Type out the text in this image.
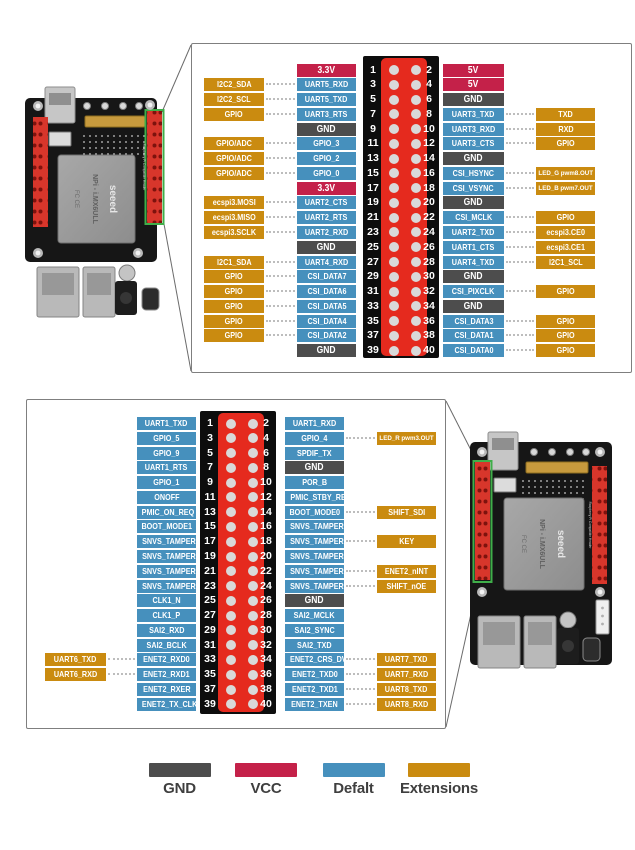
seeed
NPi - i.MX6ULL
FC CE
Raspberry Pi Compatible Header
seeed
NPi - i.MX6ULL
FC CE	Raspberry Pi Compatible Header
3.3V	1	2	5V
I2C2_SDA	UART5_RXD	3	4	5V
I2C2_SCL	UART5_TXD	5	6	GND
GPIO	UART3_RTS	7	8	UART3_TXD	TXD
GND	9	10	UART3_RXD	RXD
GPIO/ADC	GPIO_3	11	12	UART3_CTS	GPIO
GPIO/ADC	GPIO_2	13	14	GND
GPIO/ADC	GPIO_0	15	16	CSI_HSYNC	LED_G pwm8.OUT
3.3V	17	18	CSI_VSYNC	LED_B pwm7.OUT
ecspi3.MOSI	UART2_CTS	19	20	GND
ecspi3.MISO	UART2_RTS	21	22	CSI_MCLK	GPIO
ecspi3.SCLK	UART2_RXD	23	24	UART2_TXD	ecspi3.CE0
GND	25	26	UART1_CTS	ecspi3.CE1
I2C1_SDA	UART4_RXD	27	28	UART4_TXD	I2C1_SCL
GPIO	CSI_DATA7	29	30	GND
GPIO	CSI_DATA6	31	32	CSI_PIXCLK	GPIO
GPIO	CSI_DATA5	33	34	GND
GPIO	CSI_DATA4	35	36	CSI_DATA3	GPIO
GPIO	CSI_DATA2	37	38	CSI_DATA1	GPIO
GND	39	40	CSI_DATA0	GPIO
UART1_TXD	1	2	UART1_RXD
GPIO_5	3	4	GPIO_4	LED_R pwm3.OUT
GPIO_9	5	6	SPDIF_TX
UART1_RTS	7	8	GND
GPIO_1	9	10	POR_B
ONOFF	11	12	PMIC_STBY_REQ
PMIC_ON_REQ 13	14	BOOT_MODE0	SHIFT_SDI
BOOT_MODE1	15	16	SNVS_TAMPER0
SNVS_TAMPER1 17	18	SNVS_TAMPER2	KEY
SNVS_TAMPER3 19	20	SNVS_TAMPER4
SNVS_TAMPER5 21	22	SNVS_TAMPER6	ENET2_nINT
SNVS_TAMPER7 23	24	SNVS_TAMPER8	SHIFT_nOE
CLK1_N	25	26	GND
CLK1_P	27	28	SAI2_MCLK
SAI2_RXD	29	30	SAI2_SYNC
SAI2_BCLK	31	32	SAI2_TXD
UART6_TXD	ENET2_RXD0	33	34	ENET2_CRS_DV	UART7_TXD
UART6_RXD	ENET2_RXD1	35	36	ENET2_TXD0	UART7_RXD
ENET2_RXER	37	38	ENET2_TXD1	UART8_TXD
ENET2_TX_CLK 39	40	ENET2_TXEN	UART8_RXD
GND	VCC	Defalt	Extensions
